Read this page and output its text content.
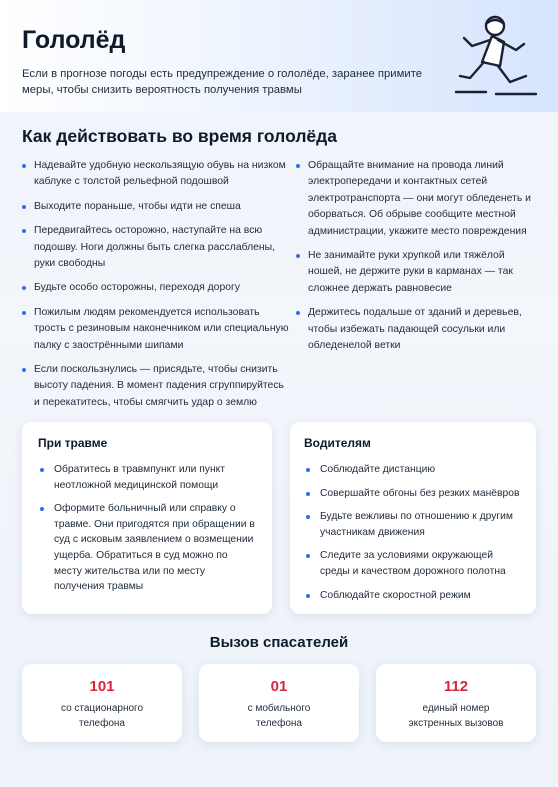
Гололёд

Если в прогнозе погоды есть предупреждение о гололёде, заранее примите меры, чтобы снизить вероятность получения травмы

Как действовать во время гололёда
Надевайте удобную нескользящую обувь на низком каблуке с толстой рельефной подошвой
Выходите пораньше, чтобы идти не спеша
Передвигайтесь осторожно, наступайте на всю подошву. Ноги должны быть слегка расслаблены, руки свободны
Будьте особо осторожны, переходя дорогу
Пожилым людям рекомендуется использовать трость с резиновым наконечником или специальную палку с заострёнными шипами
Если поскользнулись — присядьте, чтобы снизить высоту падения. В момент падения сгруппируйтесь и перекатитесь, чтобы смягчить удар о землю
Обращайте внимание на провода линий электропередачи и контактных сетей электротранспорта — они могут обледенеть и оборваться. Об обрыве сообщите местной администрации, укажите место повреждения
Не занимайте руки хрупкой или тяжёлой ношей, не держите руки в карманах — так сложнее держать равновесие
Держитесь подальше от зданий и деревьев, чтобы избежать падающей сосульки или обледенелой ветки
При травме
Обратитесь в травмпункт или пункт неотложной медицинской помощи
Оформите больничный или справку о травме. Они пригодятся при обращении в суд с исковым заявлением о возмещении ущерба. Обратиться в суд можно по месту жительства или по месту получения травмы
Водителям
Соблюдайте дистанцию
Совершайте обгоны без резких манёвров
Будьте вежливы по отношению к другим участникам движения
Следите за условиями окружающей среды и качеством дорожного полотна
Соблюдайте скоростной режим
Вызов спасателей
101
со стационарного телефона
01
с мобильного телефона
112
единый номер экстренных вызовов
